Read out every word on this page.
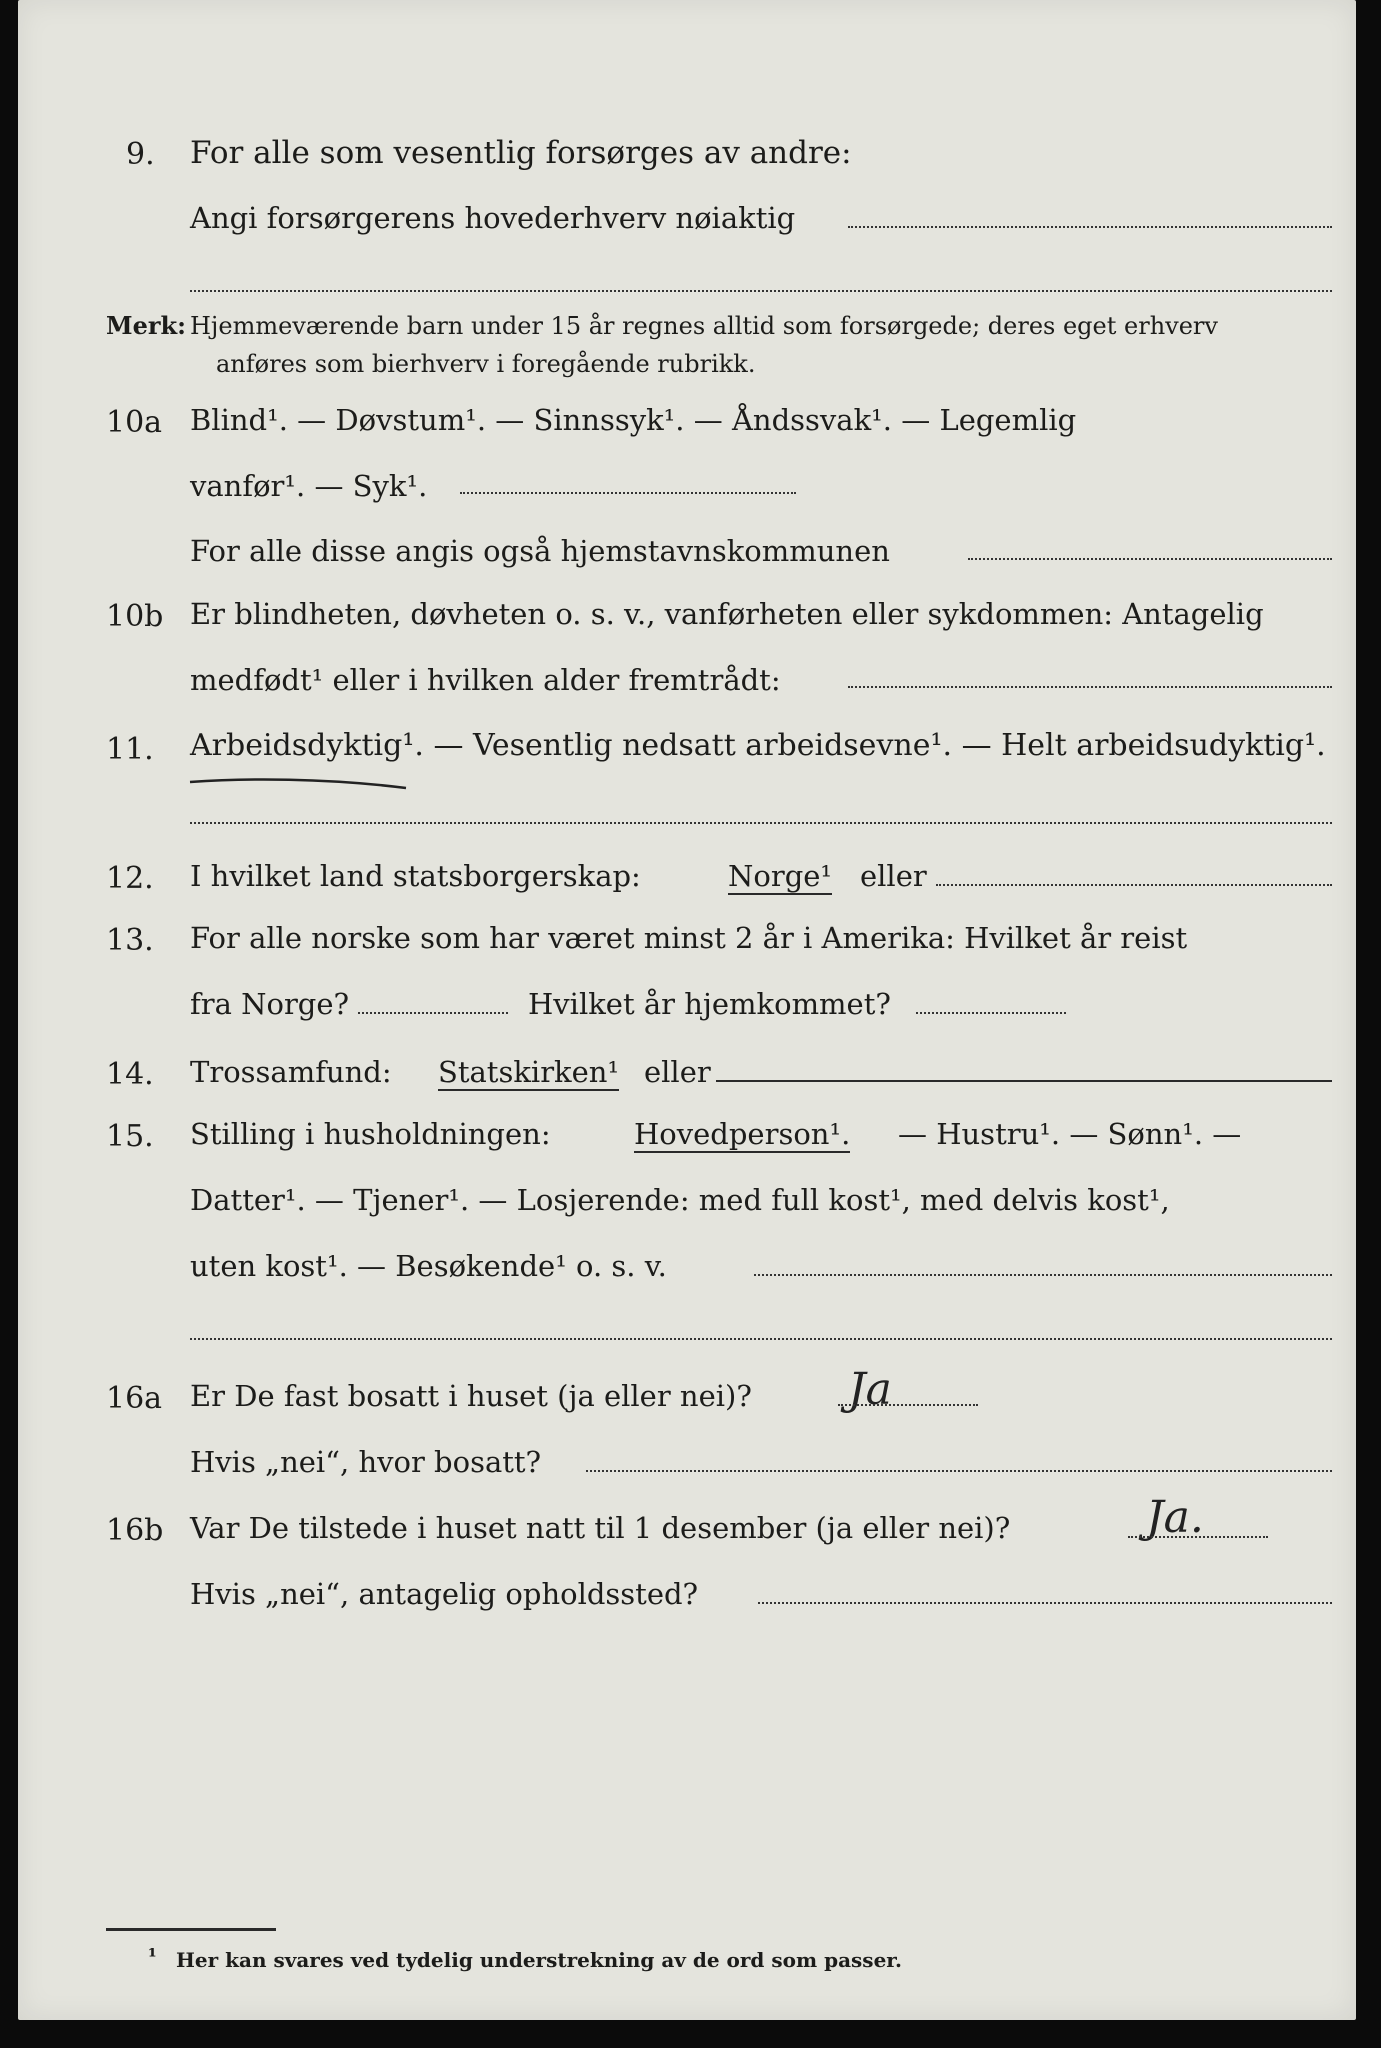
9. For alle som vesentlig forsørges av andre:
Angi forsørgerens hovederhverv nøiaktig
Merk: Hjemmeværende barn under 15 år regnes alltid som forsørgede; deres eget erhverv
anføres som bierhverv i foregående rubrikk.
10a Blind¹. — Døvstum¹. — Sinnssyk¹. — Åndssvak¹. — Legemlig
vanfør¹. — Syk¹.
For alle disse angis også hjemstavnskommunen
10b Er blindheten, døvheten o. s. v., vanførheten eller sykdommen: Antagelig
medfødt¹ eller i hvilken alder fremtrådt:
11. Arbeidsdyktig¹. — Vesentlig nedsatt arbeidsevne¹. — Helt arbeidsudyktig¹.
12. I hvilket land statsborgerskap:	Norge¹ eller
13. For alle norske som har været minst 2 år i Amerika: Hvilket år reist
fra Norge?	Hvilket år hjemkommet?
14. Trossamfund: Statskirken¹ eller
15. Stilling i husholdningen:	Hovedperson¹. — Hustru¹. — Sønn¹. —
Datter¹. — Tjener¹. — Losjerende: med full kost¹, med delvis kost¹,
uten kost¹. — Besøkende¹ o. s. v.
16a Er De fast bosatt i huset (ja eller nei)? Ja
Hvis „nei“, hvor bosatt?
16b Var De tilstede i huset natt til 1 desember (ja eller nei)?	Ja.
Hvis „nei“, antagelig opholdssted?
¹ Her kan svares ved tydelig understrekning av de ord som passer.
